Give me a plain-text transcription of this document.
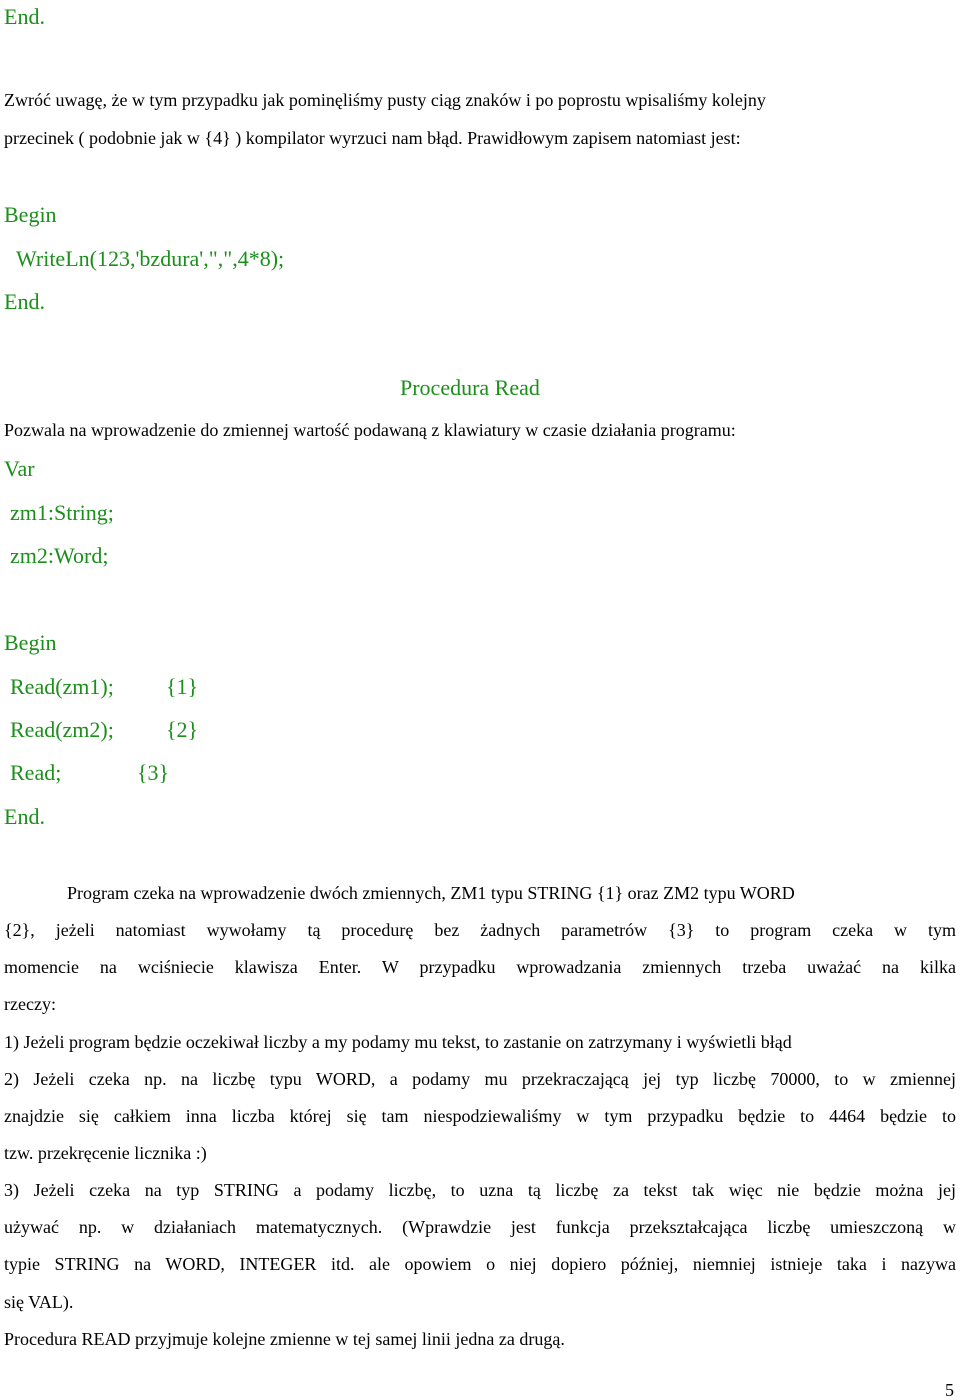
End.
Zwróć uwagę, że w tym przypadku jak pominęliśmy pusty ciąg znaków i po poprostu wpisaliśmy kolejny
przecinek ( podobnie jak w {4} ) kompilator wyrzuci nam błąd. Prawidłowym zapisem natomiast jest:
Begin
WriteLn(123,'bzdura',",",4*8);
End.
Procedura Read
Pozwala na wprowadzenie do zmiennej wartość podawaną z klawiatury w czasie działania programu:
Var
zm1:String;
zm2:Word;
Begin
Read(zm1); {1}
Read(zm2); {2}
Read;	{3}
End.
Program czeka na wprowadzenie dwóch zmiennych, ZM1 typu STRING {1} oraz ZM2 typu WORD
{2}, jeżeli natomiast wywołamy tą procedurę bez żadnych parametrów {3} to program czeka w tym
momencie na wciśniecie klawisza Enter. W przypadku wprowadzania zmiennych trzeba uważać na kilka
rzeczy:
1) Jeżeli program będzie oczekiwał liczby a my podamy mu tekst, to zastanie on zatrzymany i wyświetli błąd
2) Jeżeli czeka np. na liczbę typu WORD, a podamy mu przekraczającą jej typ liczbę 70000, to w zmiennej
znajdzie się całkiem inna liczba której się tam niespodziewaliśmy w tym przypadku będzie to 4464 będzie to
tzw. przekręcenie licznika :)
3) Jeżeli czeka na typ STRING a podamy liczbę, to uzna tą liczbę za tekst tak więc nie będzie można jej
używać np. w działaniach matematycznych. (Wprawdzie jest funkcja przekształcająca liczbę umieszczoną w
typie STRING na WORD, INTEGER itd. ale opowiem o niej dopiero później, niemniej istnieje taka i nazywa
się VAL).
Procedura READ przyjmuje kolejne zmienne w tej samej linii jedna za drugą.
5
